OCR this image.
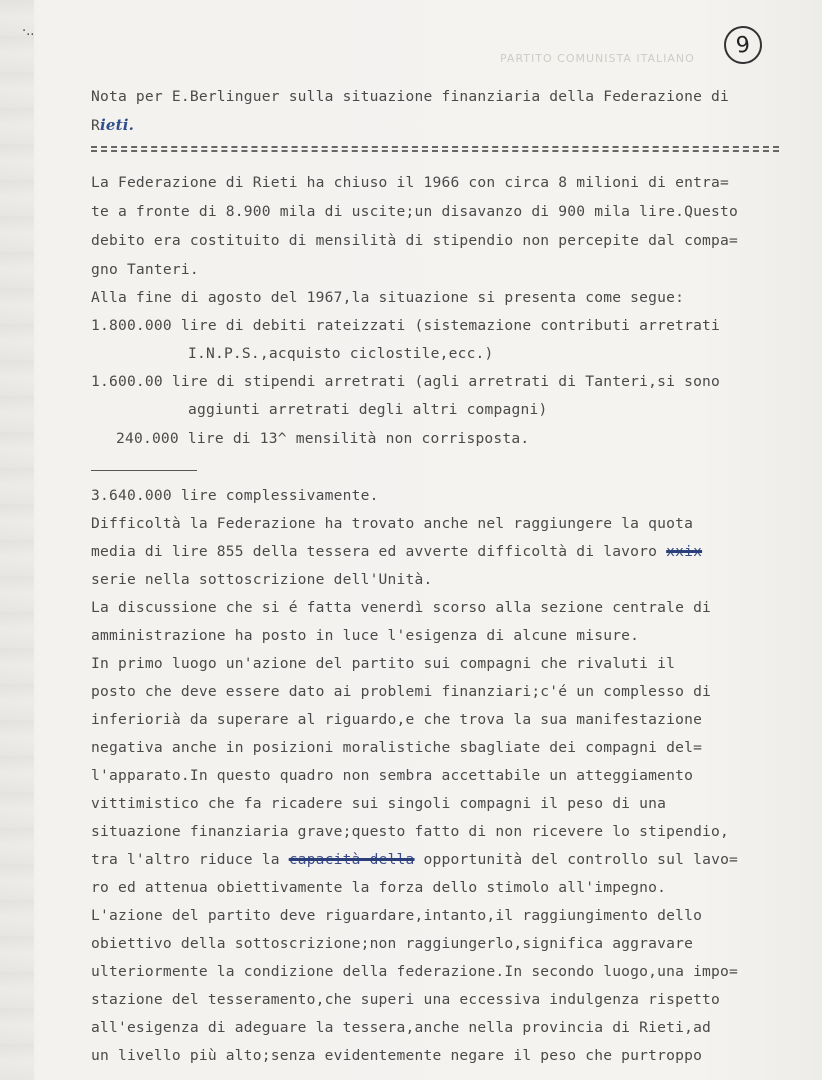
·..
PARTITO COMUNISTA ITALIANO
9
Nota per E.Berlinguer sulla situazione finanziaria della Federazione di
Rieti.
La Federazione di Rieti ha chiuso il 1966 con circa 8 milioni di entra=
te a fronte di 8.900 mila di uscite;un disavanzo di 900 mila lire.Questo
debito era costituito di mensilità di stipendio non percepite dal compa=
gno Tanteri.
Alla fine di agosto del 1967,la situazione si presenta come segue:
1.800.000 lire di debiti rateizzati (sistemazione contributi arretrati
I.N.P.S.,acquisto ciclostile,ecc.)
1.600.00 lire di stipendi arretrati (agli arretrati di Tanteri,si sono
aggiunti arretrati degli altri compagni)
240.000 lire di 13^ mensilità non corrisposta.
3.640.000 lire complessivamente.
Difficoltà la Federazione ha trovato anche nel raggiungere la quota
media di lire 855 della tessera ed avverte difficoltà di lavoro xxix
serie nella sottoscrizione dell'Unità.
La discussione che si é fatta venerdì scorso alla sezione centrale di
amministrazione ha posto in luce l'esigenza di alcune misure.
In primo luogo un'azione del partito sui compagni che rivaluti il
posto che deve essere dato ai problemi finanziari;c'é un complesso di
inferiorià da superare al riguardo,e che trova la sua manifestazione
negativa anche in posizioni moralistiche sbagliate dei compagni del=
l'apparato.In questo quadro non sembra accettabile un atteggiamento
vittimistico che fa ricadere sui singoli compagni il peso di una
situazione finanziaria grave;questo fatto di non ricevere lo stipendio,
tra l'altro riduce la capacità della opportunità del controllo sul lavo=
ro ed attenua obiettivamente la forza dello stimolo all'impegno.
L'azione del partito deve riguardare,intanto,il raggiungimento dello
obiettivo della sottoscrizione;non raggiungerlo,significa aggravare
ulteriormente la condizione della federazione.In secondo luogo,una impo=
stazione del tesseramento,che superi una eccessiva indulgenza rispetto
all'esigenza di adeguare la tessera,anche nella provincia di Rieti,ad
un livello più alto;senza evidentemente negare il peso che purtroppo
